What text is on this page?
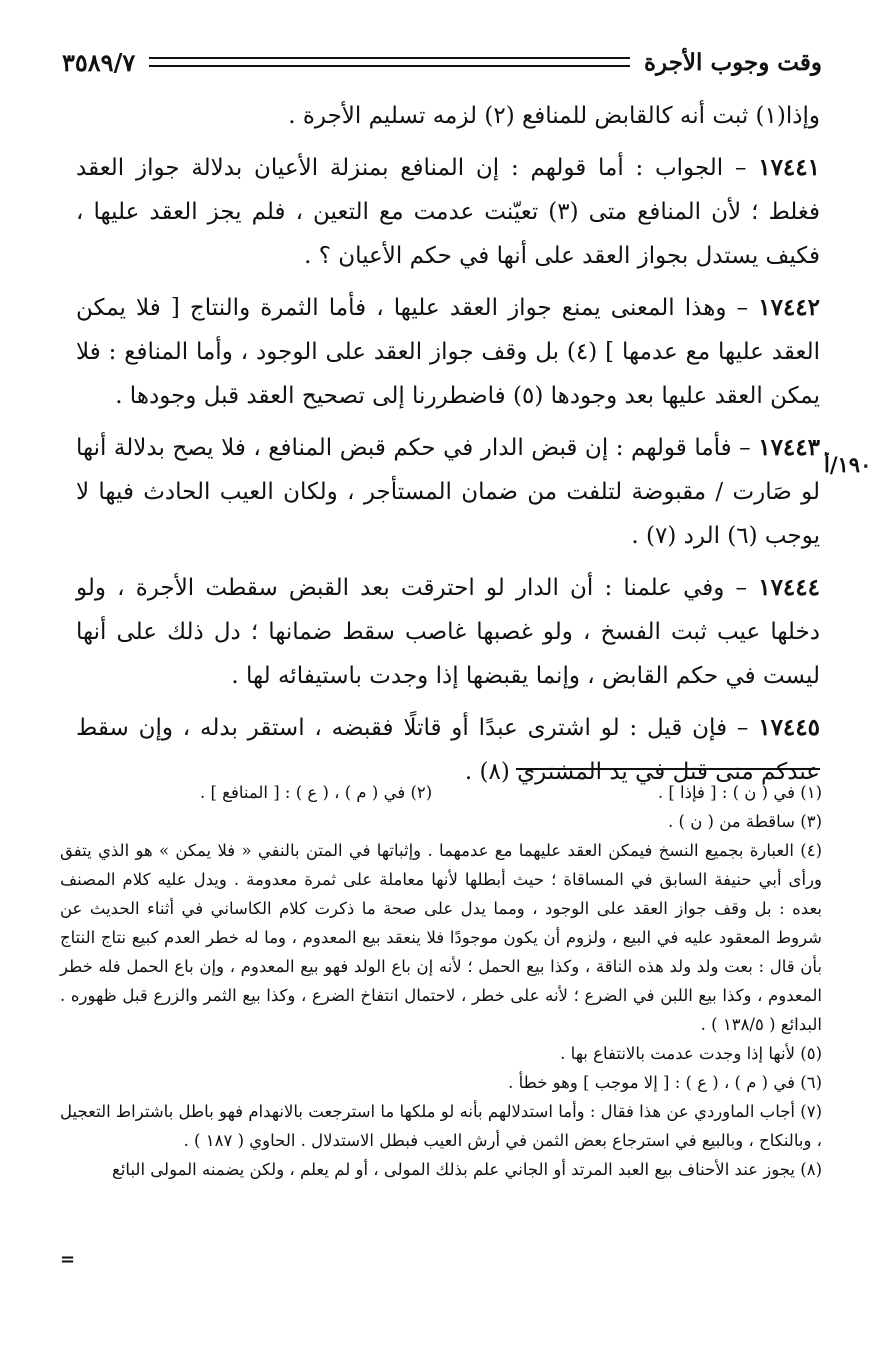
وقت وجوب الأجرة
٣٥٨٩/٧
١٩٠/أ

وإذا(١) ثبت أنه كالقابض للمنافع (٢) لزمه تسليم الأجرة .

١٧٤٤١ – الجواب : أما قولهم : إن المنافع بمنزلة الأعيان بدلالة جواز العقد فغلط ؛ لأن المنافع متى (٣) تعيّنت عدمت مع التعين ، فلم يجز العقد عليها ، فكيف يستدل بجواز العقد على أنها في حكم الأعيان ؟ .

١٧٤٤٢ – وهذا المعنى يمنع جواز العقد عليها ، فأما الثمرة والنتاج [ فلا يمكن العقد عليها مع عدمها ] (٤) بل وقف جواز العقد على الوجود ، وأما المنافع : فلا يمكن العقد عليها بعد وجودها (٥) فاضطررنا إلى تصحيح العقد قبل وجودها .

١٧٤٤٣ – فأما قولهم : إن قبض الدار في حكم قبض المنافع ، فلا يصح بدلالة أنها لو صَارت / مقبوضة لتلفت من ضمان المستأجر ، ولكان العيب الحادث فيها لا يوجب (٦) الرد (٧) .

١٧٤٤٤ – وفي علمنا : أن الدار لو احترقت بعد القبض سقطت الأجرة ، ولو دخلها عيب ثبت الفسخ ، ولو غصبها غاصب سقط ضمانها ؛ دل ذلك على أنها ليست في حكم القابض ، وإنما يقبضها إذا وجدت باستيفائه لها .

١٧٤٤٥ – فإن قيل : لو اشترى عبدًا أو قاتلًا فقبضه ، استقر بدله ، وإن سقط عندكم متى قتل في يد المشتري (٨) .

(١) في ( ن ) : [ فإذا ] .
(٢) في ( م ) ، ( ع ) : [ المنافع ] .

(٣) ساقطة من ( ن ) .

(٤) العبارة بجميع النسخ فيمكن العقد عليهما مع عدمهما . وإثباتها في المتن بالنفي « فلا يمكن » هو الذي يتفق ورأى أبي حنيفة السابق في المساقاة ؛ حيث أبطلها لأنها معاملة على ثمرة معدومة . ويدل عليه كلام المصنف بعده : بل وقف جواز العقد على الوجود ، ومما يدل على صحة ما ذكرت كلام الكاساني في أثناء الحديث عن شروط المعقود عليه في البيع ، ولزوم أن يكون موجودًا فلا ينعقد بيع المعدوم ، وما له خطر العدم كبيع نتاج النتاج بأن قال : بعت ولد ولد هذه الناقة ، وكذا بيع الحمل ؛ لأنه إن باع الولد فهو بيع المعدوم ، وإن باع الحمل فله خطر المعدوم ، وكذا بيع اللبن في الضرع ؛ لأنه على خطر ، لاحتمال انتفاخ الضرع ، وكذا بيع الثمر والزرع قبل ظهوره . البدائع ( ١٣٨/٥ ) .

(٥) لأنها إذا وجدت عدمت بالانتفاع بها .

(٦) في ( م ) ، ( ع ) : [ إلا موجب ] وهو خطأ .

(٧) أجاب الماوردي عن هذا فقال : وأما استدلالهم بأنه لو ملكها ما استرجعت بالانهدام فهو باطل باشتراط التعجيل ، وبالنكاح ، وبالبيع في استرجاع بعض الثمن في أرش العيب فبطل الاستدلال . الحاوي ( ١٨٧ ) .

(٨) يجوز عند الأحناف بيع العبد المرتد أو الجاني علم بذلك المولى ، أو لم يعلم ، ولكن يضمنه المولى البائع

=
